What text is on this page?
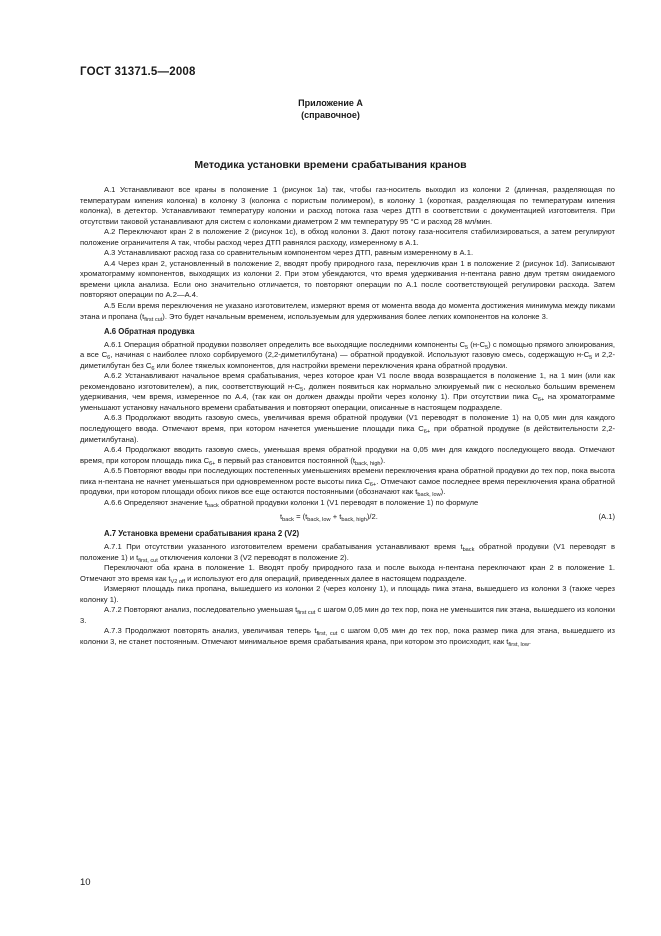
ГОСТ 31371.5—2008
Приложение А
(справочное)
Методика установки времени срабатывания кранов

А.1 Устанавливают все краны в положение 1 (рисунок 1а) так, чтобы газ-носитель выходил из колонки 2 (длинная, разделяющая по температурам кипения колонка) в колонку 3 (колонка с пористым полимером), в колонку 1 (короткая, разделяющая по температурам кипения колонка), в детектор. Устанавливают температуру колонки и расход потока газа через ДТП в соответствии с документацией изготовителя. При отсутствии таковой устанавливают для систем с колонками диаметром 2 мм температуру 95 °С и расход 28 мл/мин.

А.2 Переключают кран 2 в положение 2 (рисунок 1с), в обход колонки 3. Дают потоку газа-носителя стабилизироваться, а затем регулируют положение ограничителя А так, чтобы расход через ДТП равнялся расходу, измеренному в А.1.

А.3 Устанавливают расход газа со сравнительным компонентом через ДТП, равным измеренному в А.1.

А.4 Через кран 2, установленный в положение 2, вводят пробу природного газа, переключив кран 1 в положение 2 (рисунок 1d). Записывают хроматограмму компонентов, выходящих из колонки 2. При этом убеждаются, что время удерживания н-пентана равно двум третям ожидаемого времени цикла анализа. Если оно значительно отличается, то повторяют операции по А.1 после соответствующей регулировки расхода. Затем повторяют операции по А.2—А.4.

А.5 Если время переключения не указано изготовителем, измеряют время от момента ввода до момента достижения минимума между пиками этана и пропана $(t_{first cut})$. Это будет начальным временем, используемым для удерживания более легких компонентов на колонке 3.

А.6 Обратная продувка

А.6.1 Операция обратной продувки позволяет определить все выходящие последними компоненты $С_5$ $(н-С_5)$ с помощью прямого элюирования, а все $С_6$, начиная с наиболее плохо сорбируемого (2,2-диметилбутана) — обратной продувкой. Используют газовую смесь, содержащую $н-С_5$ и 2,2-диметилбутан без $С_6$ или более тяжелых компонентов, для настройки времени переключения крана обратной продувки.

А.6.2 Устанавливают начальное время срабатывания, через которое кран V1 после ввода возвращается в положение 1, на 1 мин (или как рекомендовано изготовителем), а пик, соответствующий $н-С_5$, должен появиться как нормально элюируемый пик с несколько большим временем удерживания, чем время, измеренное по А.4, (так как он должен дважды пройти через колонку 1). При отсутствии пика $С_{6+}$ на хроматограмме уменьшают установку начального времени срабатывания и повторяют операции, описанные в настоящем подразделе.

А.6.3 Продолжают вводить газовую смесь, увеличивая время обратной продувки (V1 переводят в положение 1) на 0,05 мин для каждого последующего ввода. Отмечают время, при котором начнется уменьшение площади пика $С_{6+}$ при обратной продувке (в действительности 2,2-диметилбутана).

А.6.4 Продолжают вводить газовую смесь, уменьшая время обратной продувки на 0,05 мин для каждого последующего ввода. Отмечают время, при котором площадь пика $С_{6+}$ в первый раз становится постоянной $(t_{back, high})$.

А.6.5 Повторяют вводы при последующих постепенных уменьшениях времени переключения крана обратной продувки до тех пор, пока высота пика н-пентана не начнет уменьшаться при одновременном росте высоты пика $С_{6+}$. Отмечают самое последнее время переключения крана обратной продувки, при котором площади обоих пиков все еще остаются постоянными (обозначают как $t_{back, low}$).

А.6.6 Определяют значение $t_{back}$ обратной продувки колонки 1 (V1 переводят в положение 1) по формуле

$t_{back} = (t_{back, low} + t_{back, high})/2$.	(А.1)
А.7 Установка времени срабатывания крана 2 (V2)

А.7.1 При отсутствии указанного изготовителем времени срабатывания устанавливают время $t_{back}$ обратной продувки (V1 переводят в положение 1) и $t_{first, cut}$ отключения колонки 3 (V2 переводят в положение 2).

Переключают оба крана в положение 1. Вводят пробу природного газа и после выхода н-пентана переключают кран 2 в положение 1. Отмечают это время как $t_{V2 off}$ и используют его для операций, приведенных далее в настоящем подразделе.

Измеряют площадь пика пропана, вышедшего из колонки 2 (через колонку 1), и площадь пика этана, вышедшего из колонки 3 (также через колонку 1).

А.7.2 Повторяют анализ, последовательно уменьшая $t_{first cut}$ с шагом 0,05 мин до тех пор, пока не уменьшится пик этана, вышедшего из колонки 3.

А.7.3 Продолжают повторять анализ, увеличивая теперь $t_{first, cut}$ с шагом 0,05 мин до тех пор, пока размер пика для этана, вышедшего из колонки 3, не станет постоянным. Отмечают минимальное время срабатывания крана, при котором это происходит, как $t_{first, low}$.

10
